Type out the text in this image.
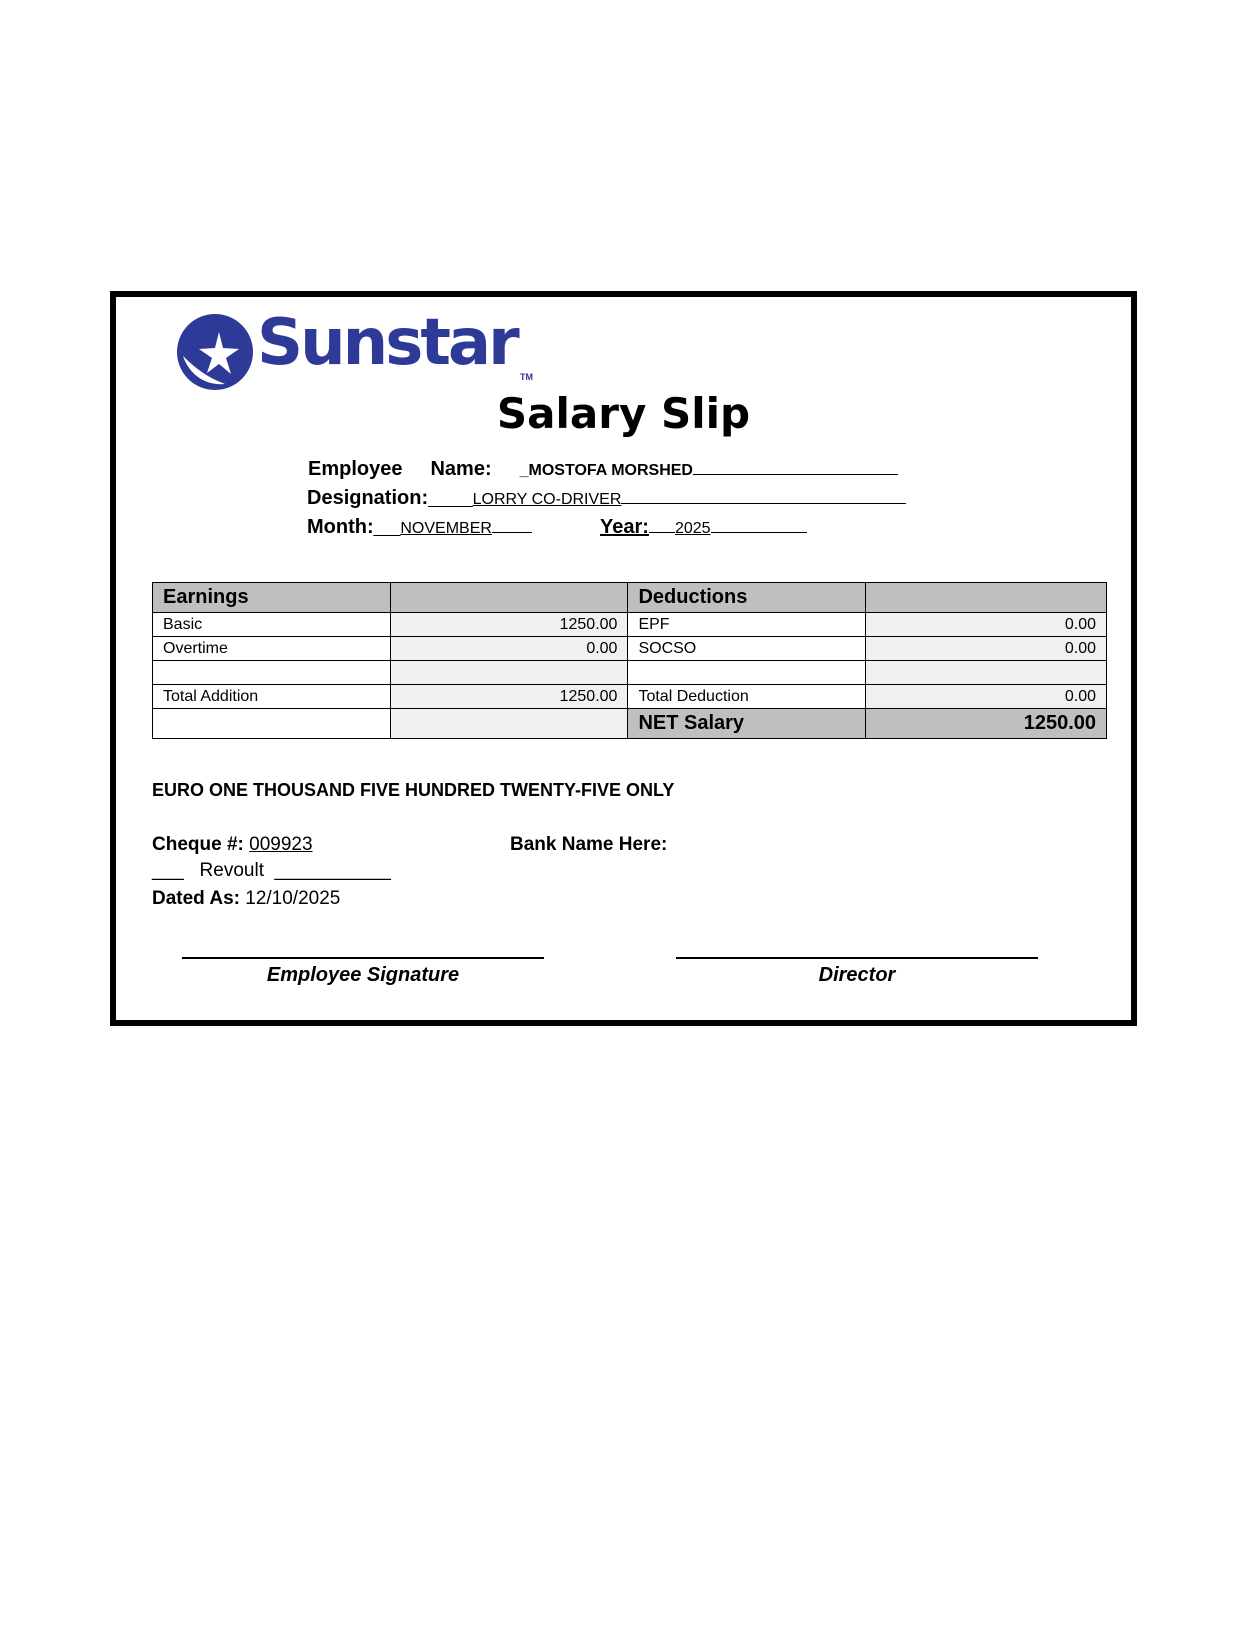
Sunstar TM
Salary Slip
Employee Name: _MOSTOFA MORSHED
Designation:_____LORRY CO-DRIVER
Month:___NOVEMBER	Year: 2025
Earnings		Deductions	
Basic	1250.00	EPF	0.00
Overtime	0.00	SOCSO	0.00

Total Addition	1250.00	Total Deduction	0.00
		NET Salary	1250.00
EURO ONE THOUSAND FIVE HUNDRED TWENTY-FIVE ONLY
Cheque #: 009923	Bank Name Here:
___ Revoult ___________
Dated As: 12/10/2025
Employee Signature	Director
